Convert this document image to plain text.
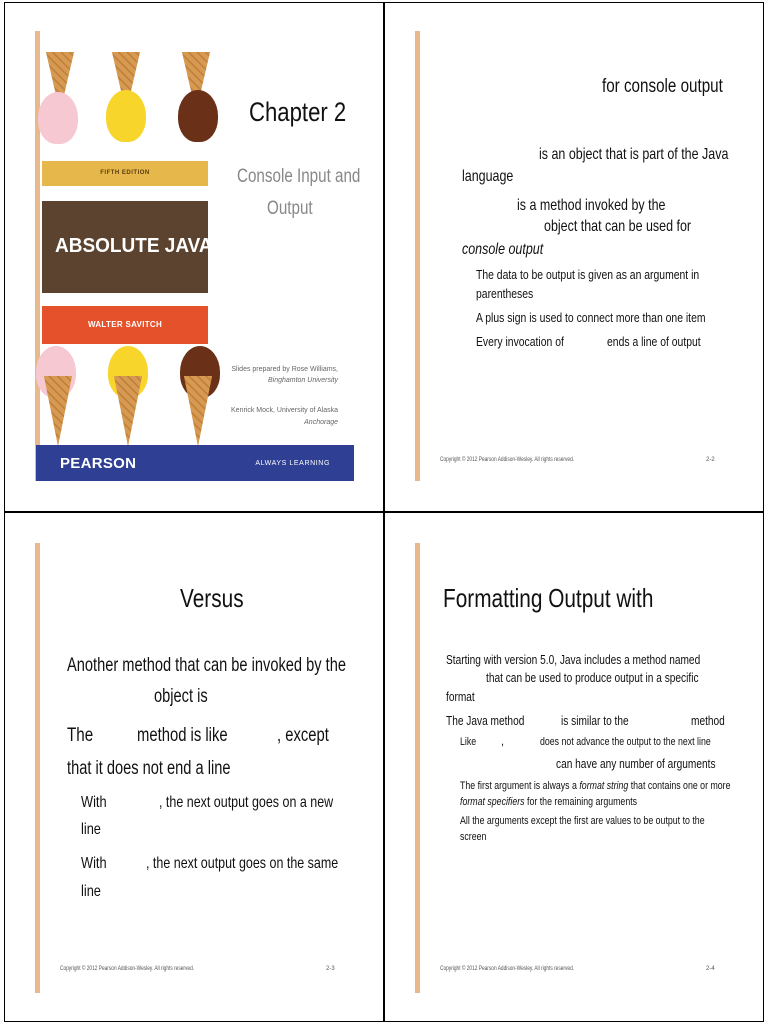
FIFTH EDITION
ABSOLUTE JAVA
WALTER SAVITCH
PEARSON	ALWAYS LEARNING
Chapter 2
Console Input and
Output
Slides prepared by Rose Williams,
Binghamton University
Kenrick Mock, University of Alaska
Anchorage
for console output
is an object that is part of the Java
language
is a method invoked by the
object that can be used for
console output
The data to be output is given as an argument in
parentheses
A plus sign is used to connect more than one item
Every invocation of	ends a line of output
Copyright © 2012 Pearson Addison-Wesley. All rights reserved.	2-2
Versus
Another method that can be invoked by the
object is
The method is like	, except
that it does not end a line
With	, the next output goes on a new
line
With , the next output goes on the same
line
Copyright © 2012 Pearson Addison-Wesley. All rights reserved.	2-3
Formatting Output with
Starting with version 5.0, Java includes a method named
that can be used to produce output in a specific
format
The Java method	is similar to the	method
Like ,	does not advance the output to the next line
can have any number of arguments
The first argument is always a format string that contains one or more
format specifiers for the remaining arguments
All the arguments except the first are values to be output to the
screen
Copyright © 2012 Pearson Addison-Wesley. All rights reserved.	2-4
